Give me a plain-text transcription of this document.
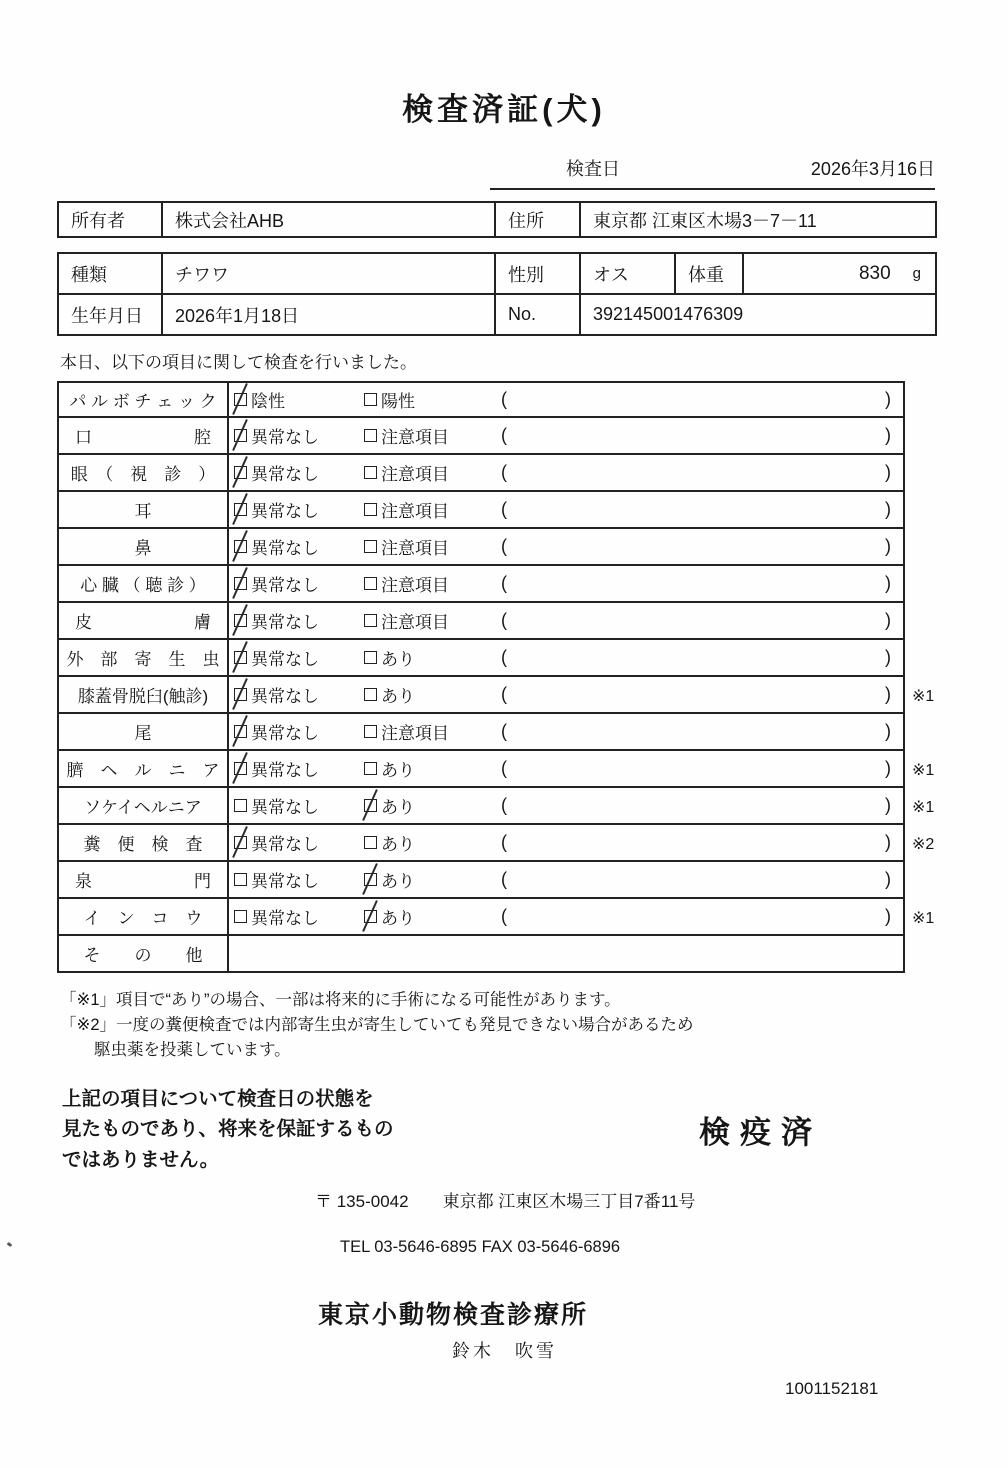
検査済証(犬)
検査日	2026年3月16日
所有者	株式会社AHB	住所	東京都 江東区木場3－7－11
種類	チワワ	性別	オス	体重	830 g
生年月日	2026年1月18日	No.	392145001476309
本日、以下の項目に関して検査を行いました。
パ ル ボ チ ェ ッ ク	陰性	陽性	(	)
口　　　　　　腔	異常なし	注意項目	(	)
眼　（　視　診　）	異常なし	注意項目	(	)
耳	異常なし	注意項目	(	)
鼻	異常なし	注意項目	(	)
心 臓 （ 聴 診 ）	異常なし	注意項目	(	)
皮　　　　　　膚	異常なし	注意項目	(	)
外　部　寄　生　虫	異常なし	あり	(	)
膝蓋骨脱臼(触診)	異常なし	あり	(	)	※1
尾	異常なし	注意項目	(	)
臍　ヘ　ル　ニ　ア	異常なし	あり	(	)	※1
ソケイヘルニア	異常なし	あり	(	)	※1
糞　便　検　査	異常なし	あり	(	)	※2
泉　　　　　　門	異常なし	あり	(	)
イ　ン　コ　ウ	異常なし	あり	(	)	※1
そ　　の　　他
「※1」項目で“あり”の場合、一部は将来的に手術になる可能性があります。
「※2」一度の糞便検査では内部寄生虫が寄生していても発見できない場合があるため
駆虫薬を投薬しています。
上記の項目について検査日の状態を
見たものであり、将来を保証するもの
ではありません。
検疫済
〒 135-0042 東京都 江東区木場三丁目7番11号
TEL 03-5646-6895 FAX 03-5646-6896
東京小動物検査診療所
鈴木　吹雪
1001152181
